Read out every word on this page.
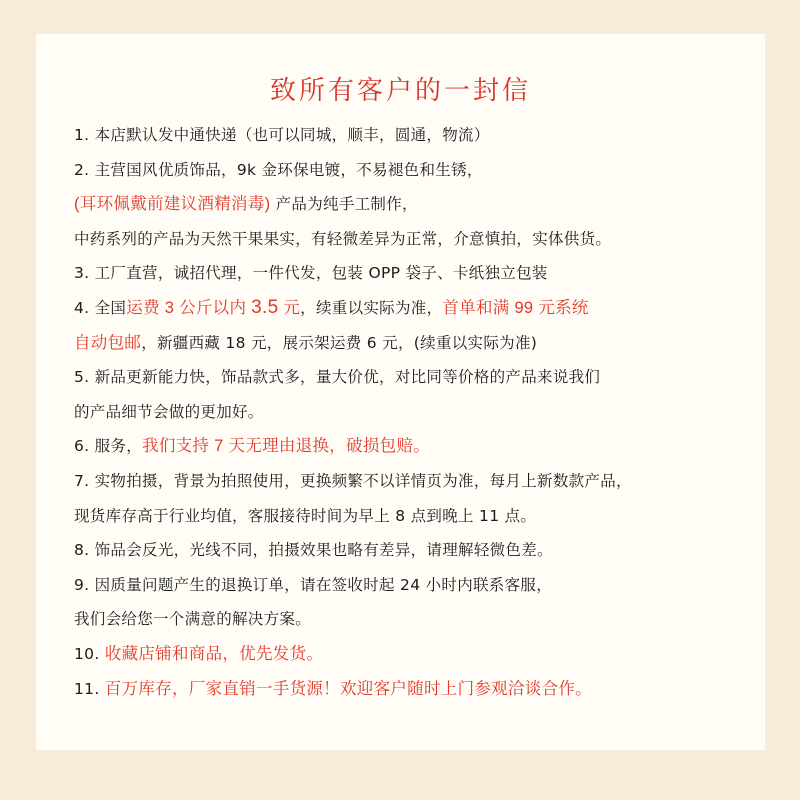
致所有客户的一封信
1. 本店默认发中通快递（也可以同城，顺丰，圆通，物流）
2. 主营国风优质饰品，9k 金环保电镀，不易褪色和生锈，
(耳环佩戴前建议酒精消毒) 产品为纯手工制作，
中药系列的产品为天然干果果实，有轻微差异为正常，介意慎拍，实体供货。
3. 工厂直营，诚招代理，一件代发，包装 OPP 袋子、卡纸独立包装
4. 全国运费 3 公斤以内 3.5 元，续重以实际为准，首单和满 99 元系统
自动包邮，新疆西藏 18 元，展示架运费 6 元，(续重以实际为准)
5. 新品更新能力快，饰品款式多，量大价优，对比同等价格的产品来说我们
的产品细节会做的更加好。
6. 服务，我们支持 7 天无理由退换，破损包赔。
7. 实物拍摄，背景为拍照使用，更换频繁不以详情页为准，每月上新数款产品，
现货库存高于行业均值，客服接待时间为早上 8 点到晚上 11 点。
8. 饰品会反光，光线不同，拍摄效果也略有差异，请理解轻微色差。
9. 因质量问题产生的退换订单，请在签收时起 24 小时内联系客服，
我们会给您一个满意的解决方案。
10. 收藏店铺和商品，优先发货。
11. 百万库存，厂家直销一手货源！欢迎客户随时上门参观洽谈合作。
